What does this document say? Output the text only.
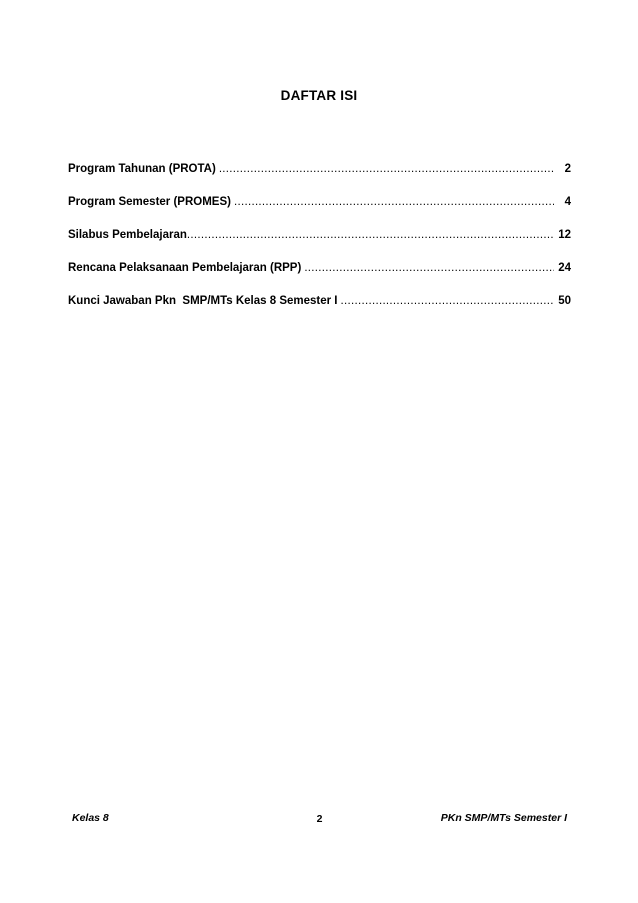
DAFTAR ISI
Program Tahunan (PROTA) .....	2
Program Semester (PROMES) .....	4
Silabus Pembelajaran .....	12
Rencana Pelaksanaan Pembelajaran (RPP) .....	24
Kunci Jawaban Pkn  SMP/MTs Kelas 8 Semester I .....	50
Kelas 8	2	PKn SMP/MTs Semester I
